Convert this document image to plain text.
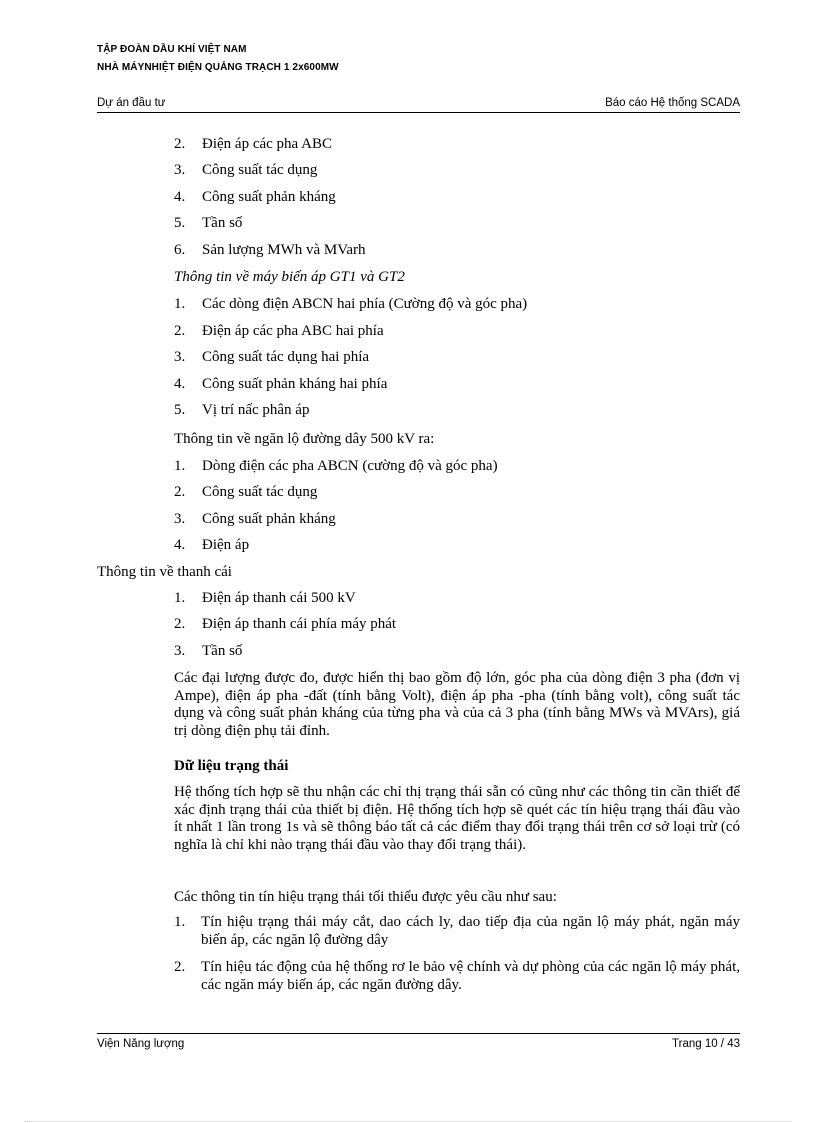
TẬP ĐOÀN DẦU KHÍ VIỆT NAM
NHÀ MÁYNHIỆT ĐIỆN QUẢNG TRẠCH 1 2x600MW
Dự án đầu tư	Báo cáo Hệ thống SCADA
2. Điện áp các pha ABC
3. Công suất tác dụng
4. Công suất phản kháng
5. Tần số
6. Sản lượng MWh và MVarh
Thông tin về máy biến áp GT1 và GT2
1. Các dòng điện ABCN hai phía (Cường độ và góc pha)
2. Điện áp các pha ABC hai phía
3. Công suất tác dụng hai phía
4. Công suất phản kháng hai phía
5. Vị trí nấc phân áp
Thông tin về ngăn lộ đường dây 500 kV ra:
1. Dòng điện các pha ABCN (cường độ và góc pha)
2. Công suất tác dụng
3. Công suất phản kháng
4. Điện áp
Thông tin về thanh cái
1. Điện áp thanh cái 500 kV
2. Điện áp thanh cái phía máy phát
3. Tần số
Các đại lượng được đo, được hiển thị bao gồm độ lớn, góc pha của dòng điện 3 pha (đơn vị Ampe), điện áp pha -đất (tính bằng Volt), điện áp pha -pha (tính bằng volt), công suất tác dụng và công suất phản kháng của từng pha và của cả 3 pha (tính bằng MWs và MVArs), giá trị dòng điện phụ tải đỉnh.
Dữ liệu trạng thái
Hệ thống tích hợp sẽ thu nhận các chỉ thị trạng thái sẵn có cũng như các thông tin cần thiết để xác định trạng thái của thiết bị điện. Hệ thống tích hợp sẽ quét các tín hiệu trạng thái đầu vào ít nhất 1 lần trong 1s và sẽ thông báo tất cả các điểm thay đổi trạng thái trên cơ sở loại trừ (có nghĩa là chỉ khi nào trạng thái đầu vào thay đổi trạng thái).
Các thông tin tín hiệu trạng thái tối thiểu được yêu cầu như sau:
1. Tín hiệu trạng thái máy cắt, dao cách ly, dao tiếp địa của ngăn lộ máy phát, ngăn máy biến áp, các ngăn lộ đường dây
2. Tín hiệu tác động của hệ thống rơ le bảo vệ chính và dự phòng của các ngăn lộ máy phát, các ngăn máy biến áp, các ngăn đường dây.
Viện Năng lượng	Trang 10 / 43
